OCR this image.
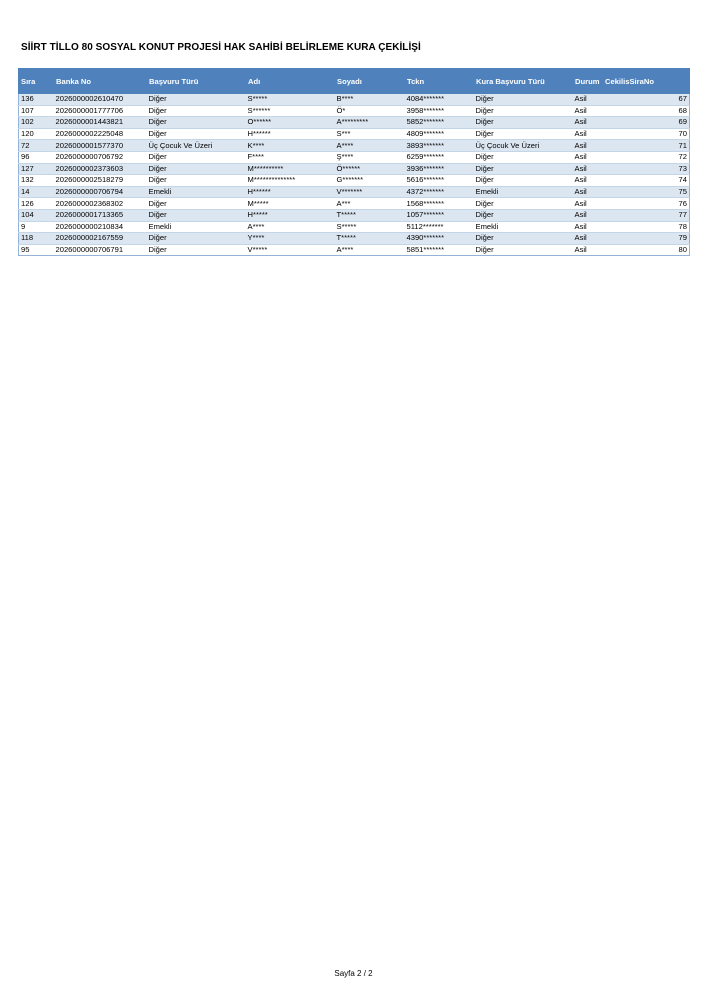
SİİRT TİLLO 80 SOSYAL KONUT PROJESİ HAK SAHİBİ BELİRLEME KURA ÇEKİLİŞİ
Sıra	Banka No	Başvuru Türü	Adı	Soyadı	Tckn	Kura Başvuru Türü	Durum	CekilisSiraNo
136	2026000002610470	Diğer	S*****	B****	4084*******	Diğer	Asil	67
107	2026000001777706	Diğer	S******	Ö*	3958*******	Diğer	Asil	68
102	2026000001443821	Diğer	O******	A*********	5852*******	Diğer	Asil	69
120	2026000002225048	Diğer	H******	S***	4809*******	Diğer	Asil	70
72	2026000001577370	Üç Çocuk Ve Üzeri	K****	A****	3893*******	Üç Çocuk Ve Üzeri	Asil	71
96	2026000000706792	Diğer	F****	Ş****	6259*******	Diğer	Asil	72
127	2026000002373603	Diğer	M**********	Ö******	3936*******	Diğer	Asil	73
132	2026000002518279	Diğer	M**************	G*******	5616*******	Diğer	Asil	74
14	2026000000706794	Emekli	H******	V*******	4372*******	Emekli	Asil	75
126	2026000002368302	Diğer	M*****	A***	1568*******	Diğer	Asil	76
104	2026000001713365	Diğer	H*****	T*****	1057*******	Diğer	Asil	77
9	2026000000210834	Emekli	A****	S*****	5112*******	Emekli	Asil	78
118	2026000002167559	Diğer	Y****	T*****	4390*******	Diğer	Asil	79
95	2026000000706791	Diğer	V*****	A****	5851*******	Diğer	Asil	80
Sayfa 2 / 2
